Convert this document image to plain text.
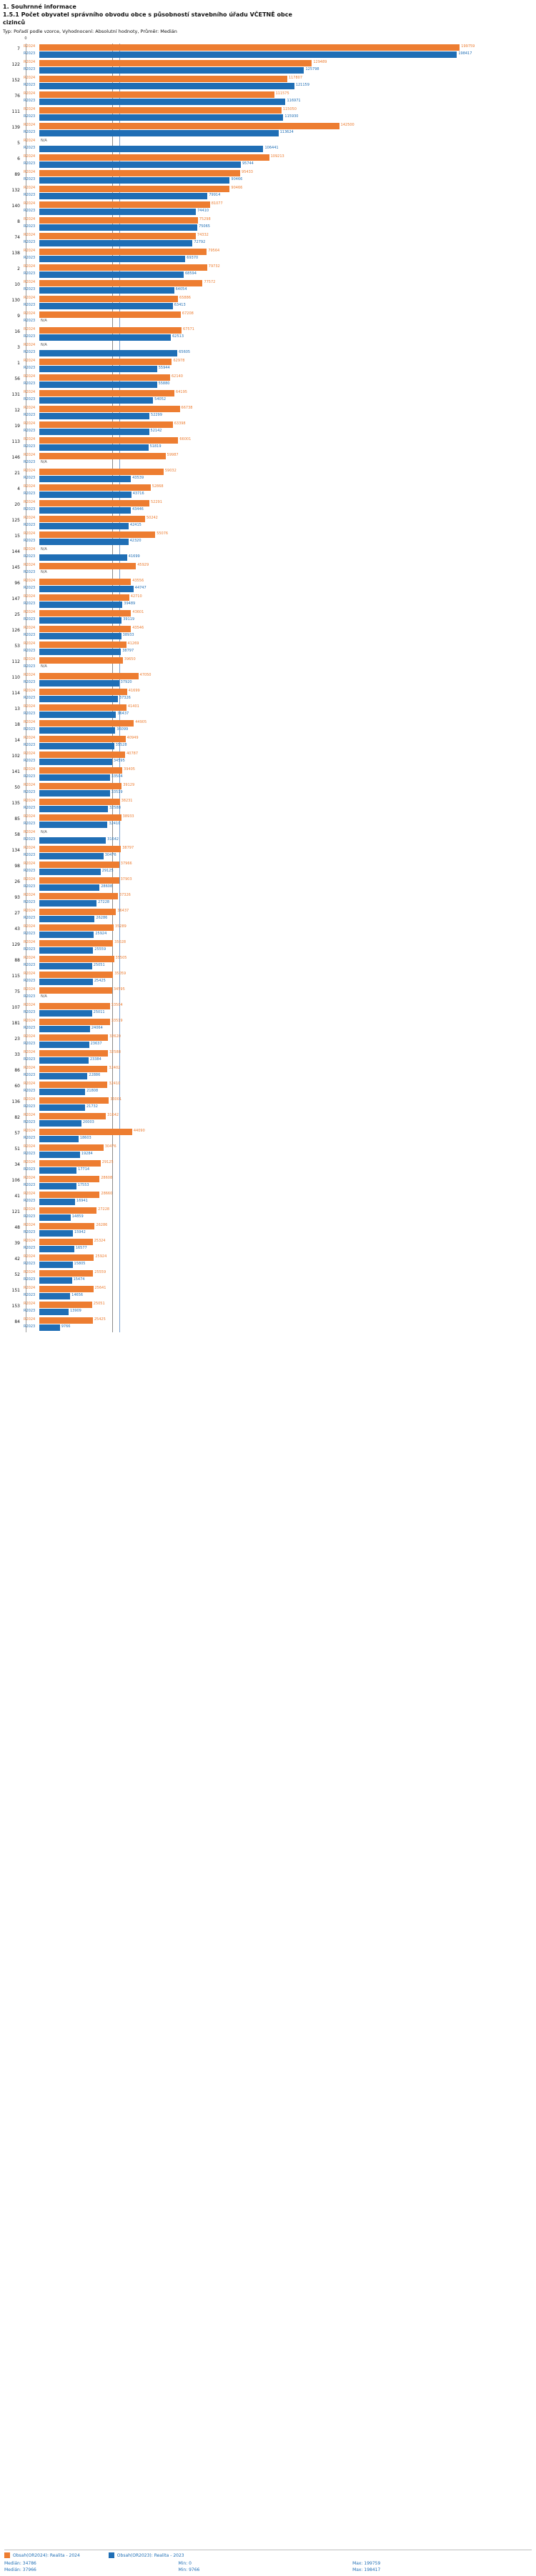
1. Souhrnné informace
1.5.1 Počet obyvatel správního obvodu obce s působností stavebního úřadu VČETNĚ obce
cizinců
Typ: Pořadí podle vzorce, Vyhodnocení: Absolutní hodnoty, Průměr: Medián
0
7 R2024	199759
R2023	198417
122 R2024	129489
R2023	125798
152 R2024	117807
R2023	121159
76 R2024	111575
R2023	116971
111 R2024	115050
R2023	115930
139 R2024	142500
R2023	113624
5 R2024 N/A
R2023	106441
6 R2024	109213
R2023	95744
89 R2024	95433
R2023	90466
132 R2024	90466
R2023	79914
140 R2024	81077
R2023	74410
8 R2024	75298
R2023	75065
74 R2024	74332
R2023	72792
138 R2024	79564
R2023	69370
2 R2024	79732
R2023	68594
10 R2024	77572
R2023	64054
130 R2024	65886
R2023	63413
9 R2024	67208
R2023 N/A
16 R2024	67571
R2023	62513
3 R2024 N/A
R2023	65605
1 R2024	62978
R2023	55944
56 R2024	62140
R2023	55880
131 R2024	64195
R2023	54052
12 R2024	66738
R2023	52299
19 R2024	63398
R2023	52142
113 R2024	66001
R2023	51819
146 R2024	59987
R2023 N/A
21 R2024	59032
R2023	43539
4 R2024	52868
R2023	43716
20 R2024	52291
R2023	43446
125 R2024	50242
R2023	42415
15 R2024	55076
R2023	42320
144 R2024 N/A
R2023	41699
145 R2024	45929
R2023 N/A
96 R2024	43556
R2023	44747
147 R2024	42710
R2023	39489
25 R2024	43601
R2023	39119
126 R2024	43546
R2023	38933
53 R2024	41269
R2023	38797
112 R2024	39650
R2023 N/A
110 R2024	47050
R2023	37920
114 R2024	41699
R2023	37326
13 R2024	41401
R2023	36437
18 R2024	44905
R2023	36099
14 R2024	40949
R2023	35528
102 R2024	40787
R2023	34595
141 R2024	39405
R2023	33504
50 R2024	39129
R2023	33519
135 R2024	38231
R2023	32588
85 R2024	38933
R2023	32410
58 R2024 N/A
R2023	31642
134 R2024	38797
R2023	30476
98 R2024	37966
R2023	29125
26 R2024	37903
R2023	28608
93 R2024	37326
R2023	27228
27 R2024	36437
R2023	26286
43 R2024	35289
R2023	25924
129 R2024	35028
R2023	25559
88 R2024	35505
R2023	25051
115 R2024	35059
R2023	25425
75 R2024	34595
R2023 N/A
107 R2024	33504
R2023	25011
181 R2024	33519
R2023	24064
23 R2024	32620
R2023	23637
33 R2024	32588
R2023	23384
86 R2024	32402
R2023	22886
60 R2024	32410
R2023	21808
136 R2024	33001
R2023	21732
82 R2024	31642
R2023	20003
57 R2024	44090
R2023	18603
51 R2024	30476
R2023	19284
34 R2024	29125
R2023	17714
106 R2024	28608
R2023	17553
41 R2024	28660
R2023	16941
121 R2024	27228
R2023	14859
48 R2024	26286
R2023	15942
39 R2024	25324
R2023	16577
42 R2024	25924
R2023	15805
52 R2024	25559
R2023	15474
151 R2024	25641
R2023	14656
153 R2024	25051
R2023	13909
84 R2024	25425
R2023	9766
Obsah(OR2024): Realita - 2024	Obsah(OR2023): Realita - 2023
Medián: 34786
Medián: 37966
Min: 0
Min: 9766
Max: 199759
Max: 198417
